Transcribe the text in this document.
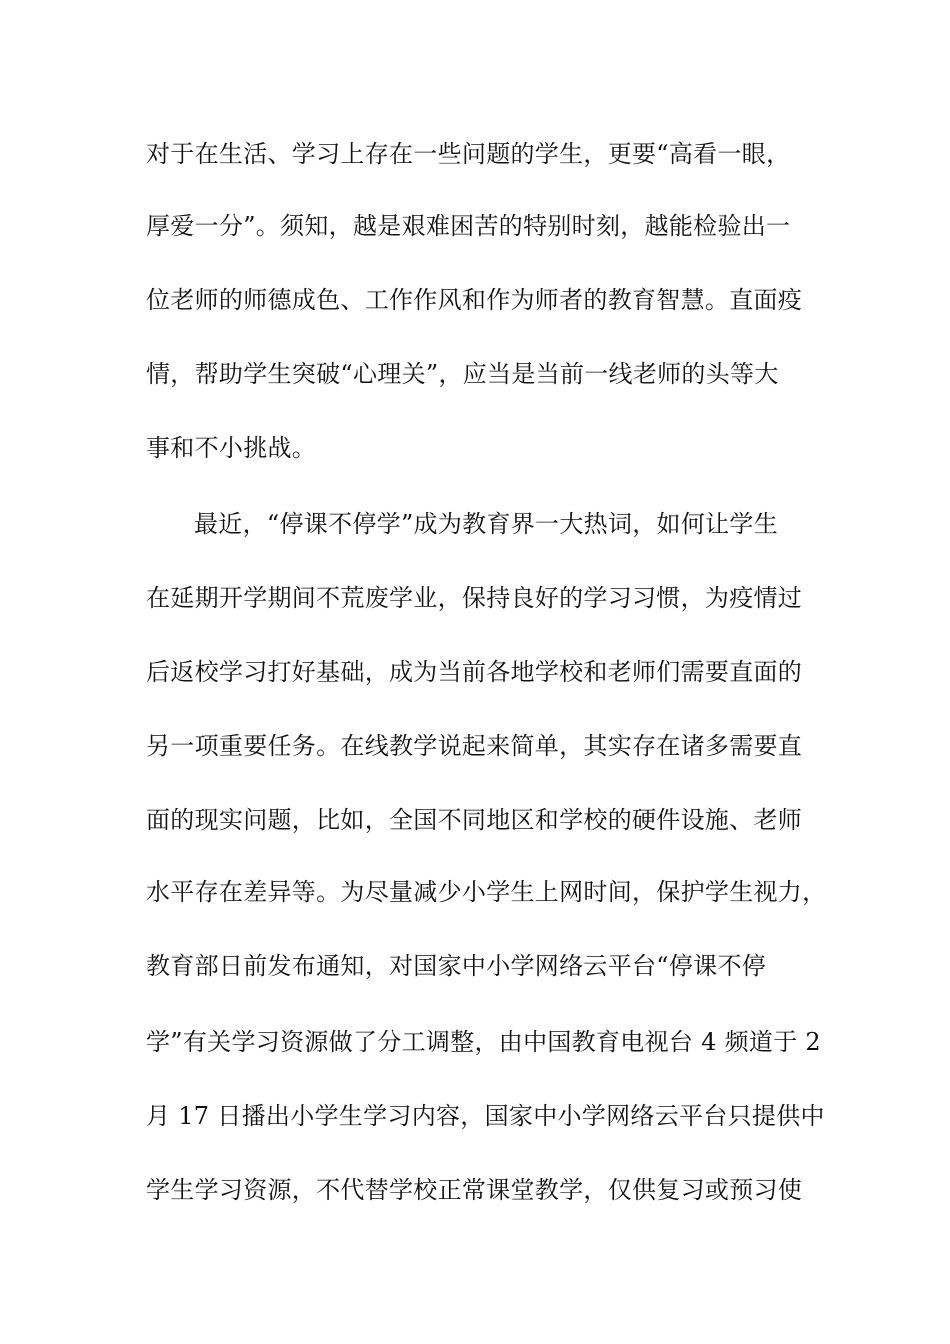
对于在生活、学习上存在一些问题的学生，更要“高看一眼，
厚爱一分”。须知，越是艰难困苦的特别时刻，越能检验出一
位老师的师德成色、工作作风和作为师者的教育智慧。直面疫
情，帮助学生突破“心理关”，应当是当前一线老师的头等大
事和不小挑战。
最近，“停课不停学”成为教育界一大热词，如何让学生
在延期开学期间不荒废学业，保持良好的学习习惯，为疫情过
后返校学习打好基础，成为当前各地学校和老师们需要直面的
另一项重要任务。在线教学说起来简单，其实存在诸多需要直
面的现实问题，比如，全国不同地区和学校的硬件设施、老师
水平存在差异等。为尽量减少小学生上网时间，保护学生视力，
教育部日前发布通知，对国家中小学网络云平台“停课不停
学”有关学习资源做了分工调整，由中国教育电视台 4 频道于 2
月 17 日播出小学生学习内容，国家中小学网络云平台只提供中
学生学习资源，不代替学校正常课堂教学，仅供复习或预习使
